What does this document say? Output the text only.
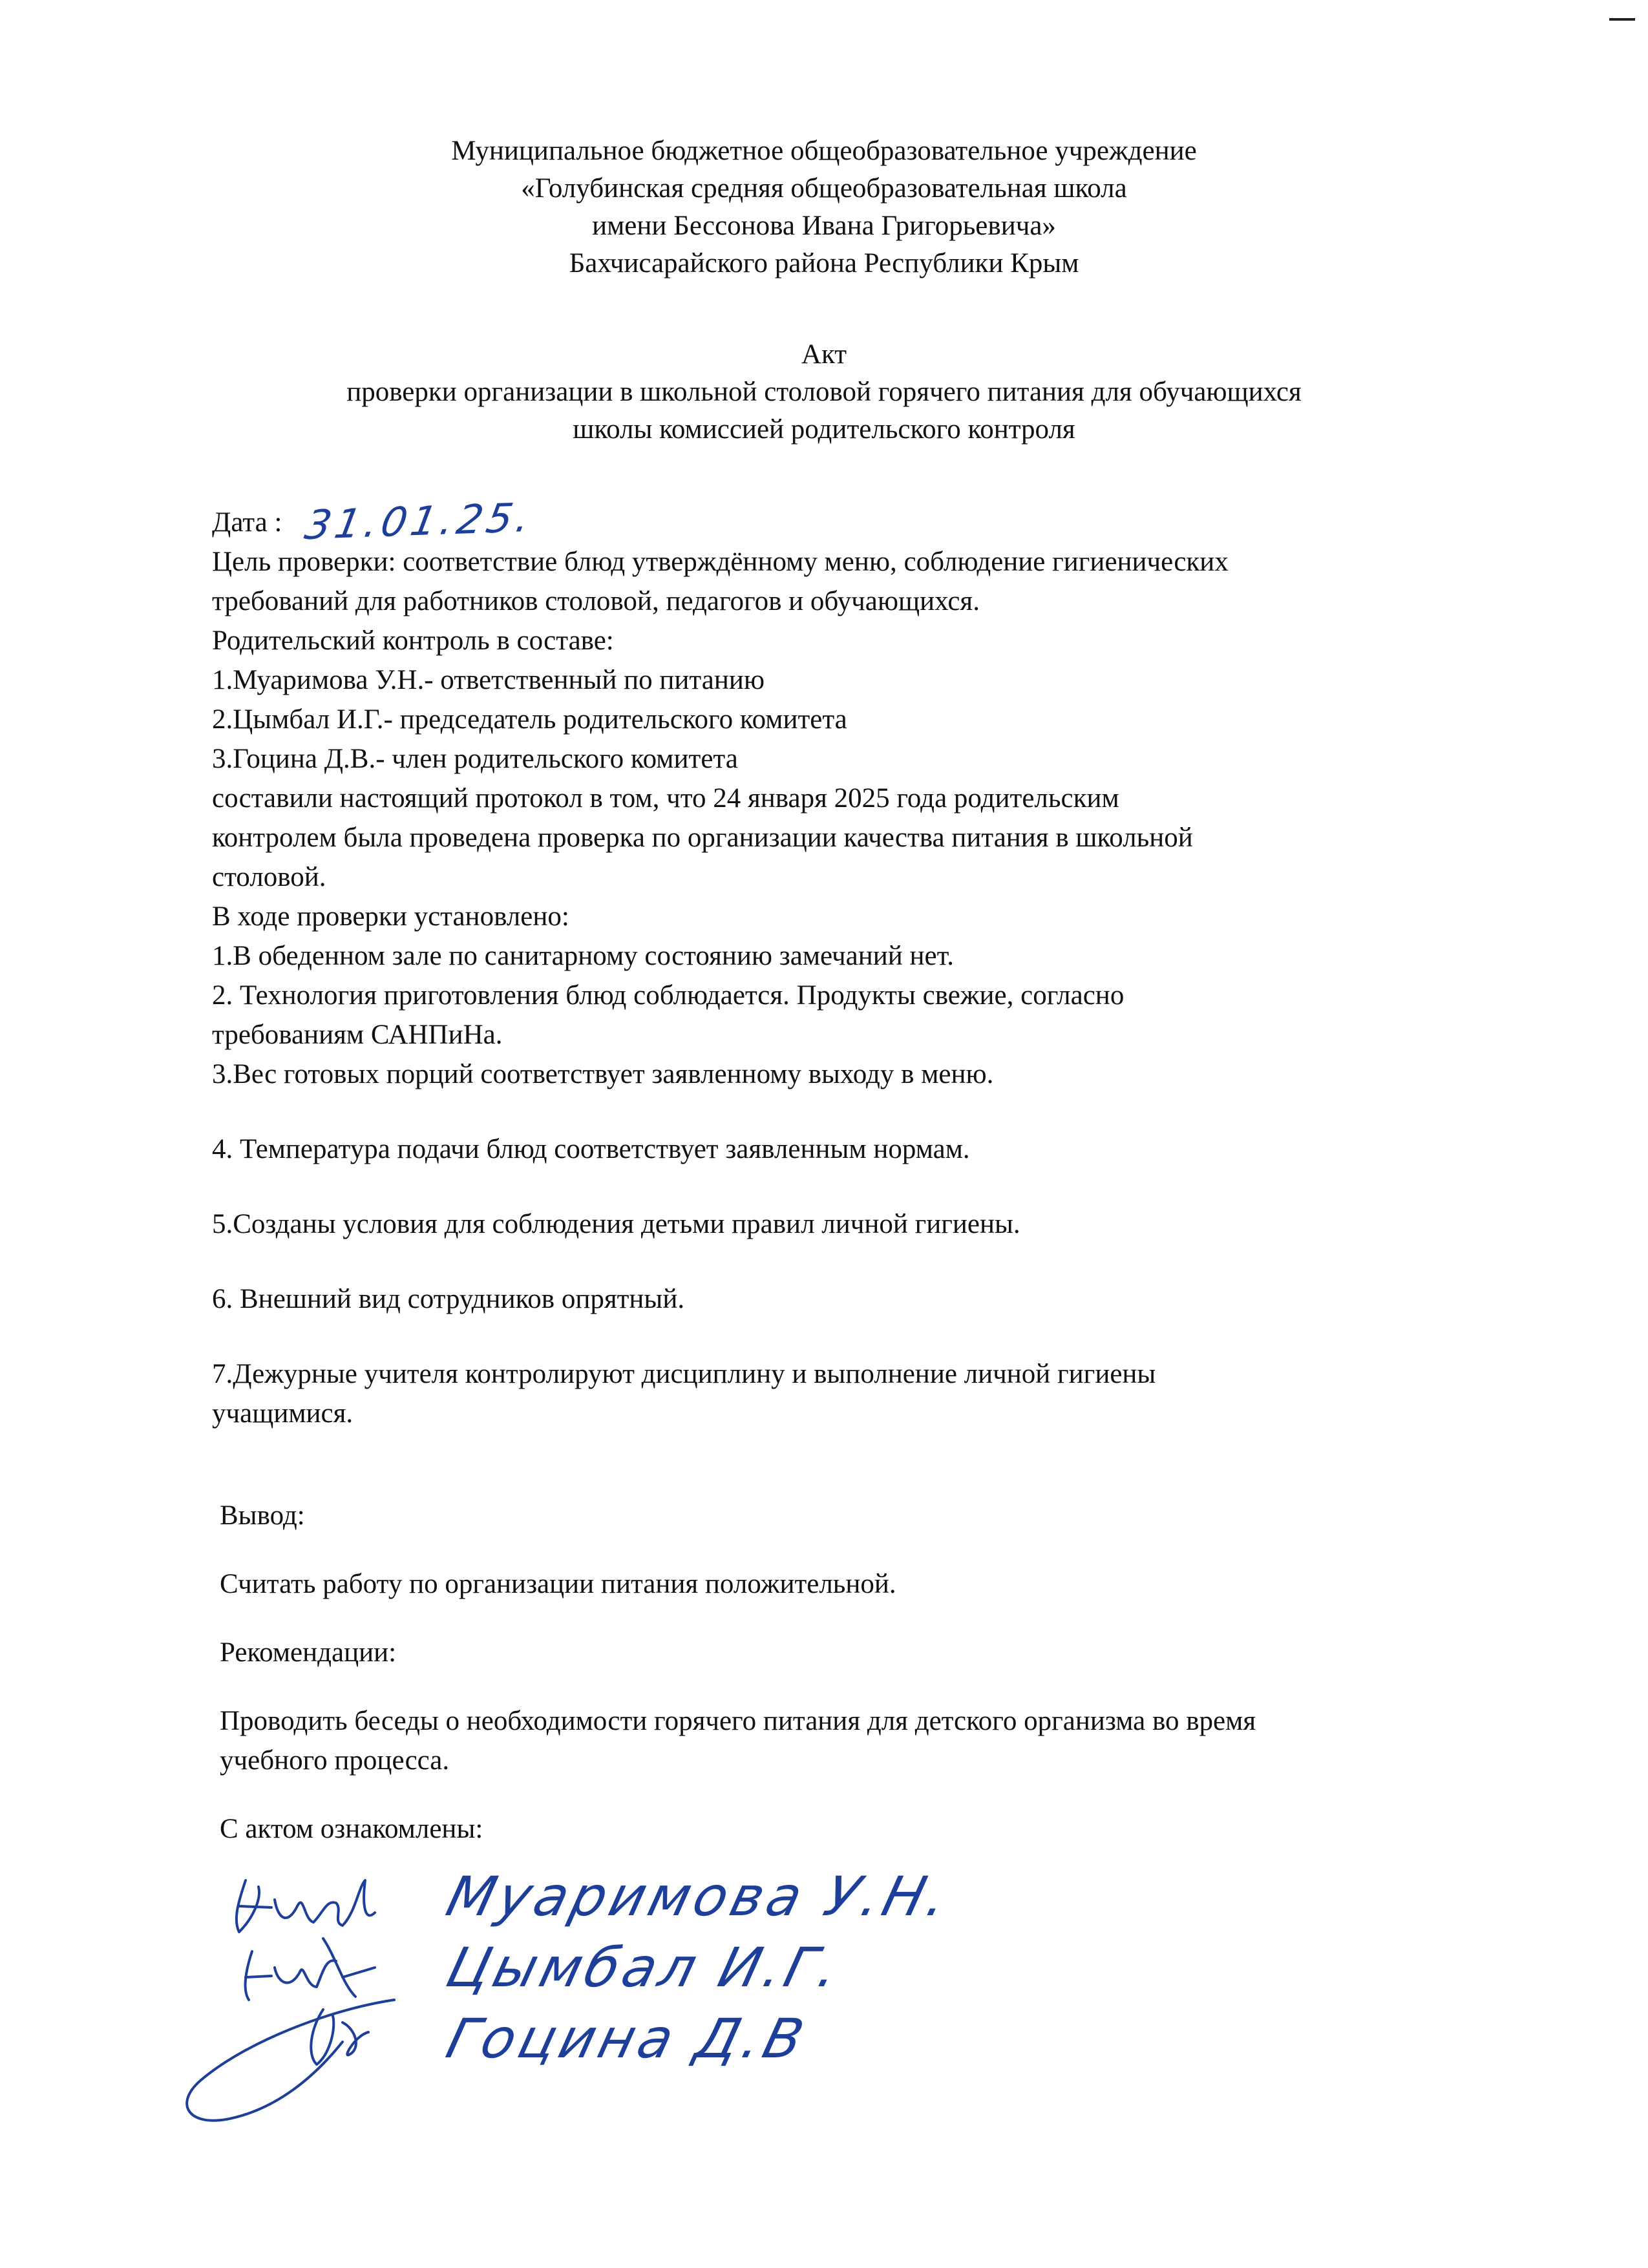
Муниципальное бюджетное общеобразовательное учреждение
«Голубинская средняя общеобразовательная школа
имени Бессонова Ивана Григорьевича»
Бахчисарайского района Республики Крым
Акт
проверки организации в школьной столовой горячего питания для обучающихся
школы комиссией родительского контроля

Дата : 31.01.25.

Цель проверки: соответствие блюд утверждённому меню, соблюдение гигиенических

требований для работников столовой, педагогов и обучающихся.

Родительский контроль в составе:

1.Муаримова У.Н.- ответственный по питанию

2.Цымбал И.Г.- председатель родительского комитета

3.Гоцина Д.В.- член родительского комитета

составили настоящий протокол в том, что 24 января 2025 года родительским

контролем была проведена проверка по организации качества питания в школьной

столовой.

В ходе проверки установлено:

1.В обеденном зале по санитарному состоянию замечаний нет.

2. Технология приготовления блюд соблюдается. Продукты свежие, согласно

требованиям САНПиНа.

3.Вес готовых порций соответствует заявленному выходу в меню.

4. Температура подачи блюд соответствует заявленным нормам.

5.Созданы условия для соблюдения детьми правил личной гигиены.

6. Внешний вид сотрудников опрятный.

7.Дежурные учителя контролируют дисциплину и выполнение личной гигиены

учащимися.

Вывод:

Считать работу по организации питания положительной.

Рекомендации:

Проводить беседы о необходимости горячего питания для детского организма во время

учебного процесса.

С актом ознакомлены:

Муаримова У.Н.
Цымбал И.Г.
Гоцина Д.В
